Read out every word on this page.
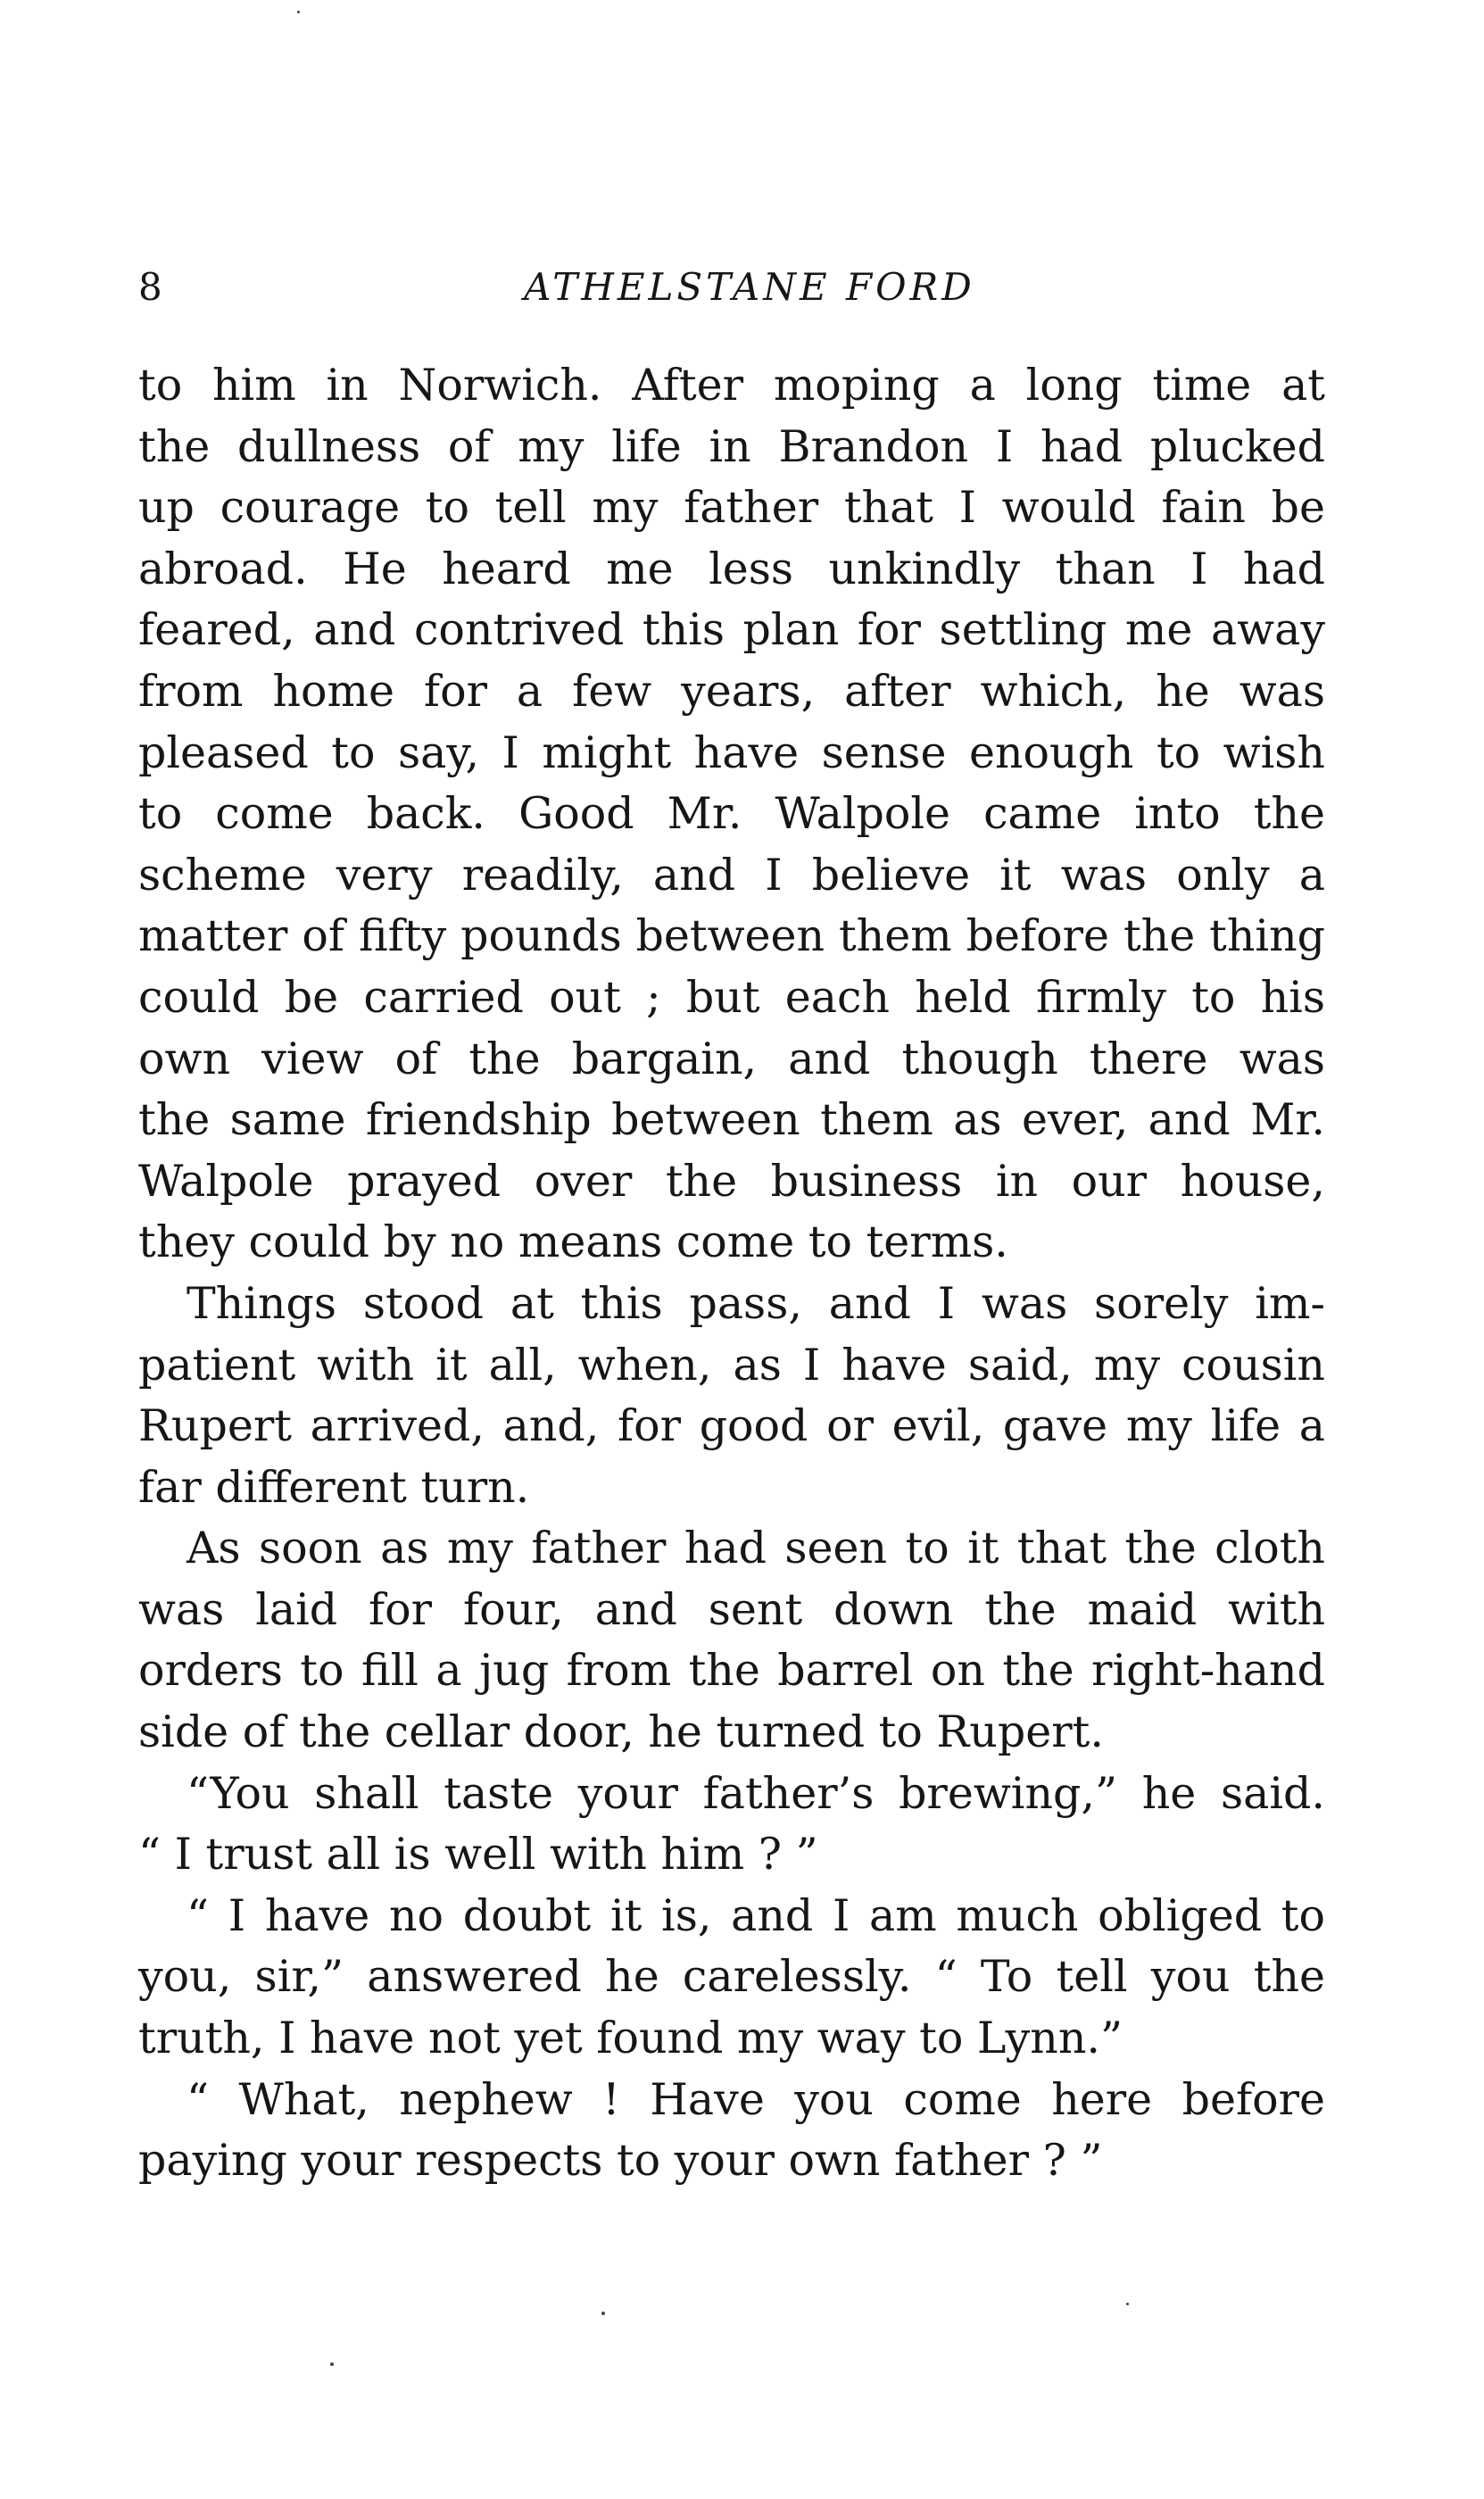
8	ATHELSTANE FORD
to him in Norwich. After moping a long time at
the dullness of my life in Brandon I had plucked
up courage to tell my father that I would fain be
abroad. He heard me less unkindly than I had
feared, and contrived this plan for settling me away
from home for a few years, after which, he was
pleased to say, I might have sense enough to wish
to come back. Good Mr. Walpole came into the
scheme very readily, and I believe it was only a
matter of fifty pounds between them before the thing
could be carried out ; but each held firmly to his
own view of the bargain, and though there was
the same friendship between them as ever, and Mr.
Walpole prayed over the business in our house,
they could by no means come to terms.
Things stood at this pass, and I was sorely im-
patient with it all, when, as I have said, my cousin
Rupert arrived, and, for good or evil, gave my life a
far different turn.
As soon as my father had seen to it that the cloth
was laid for four, and sent down the maid with
orders to fill a jug from the barrel on the right-hand
side of the cellar door, he turned to Rupert.
“You shall taste your father’s brewing,” he said.
“ I trust all is well with him ? ”
“ I have no doubt it is, and I am much obliged to
you, sir,” answered he carelessly. “ To tell you the
truth, I have not yet found my way to Lynn.”
“ What, nephew ! Have you come here before
paying your respects to your own father ? ”
